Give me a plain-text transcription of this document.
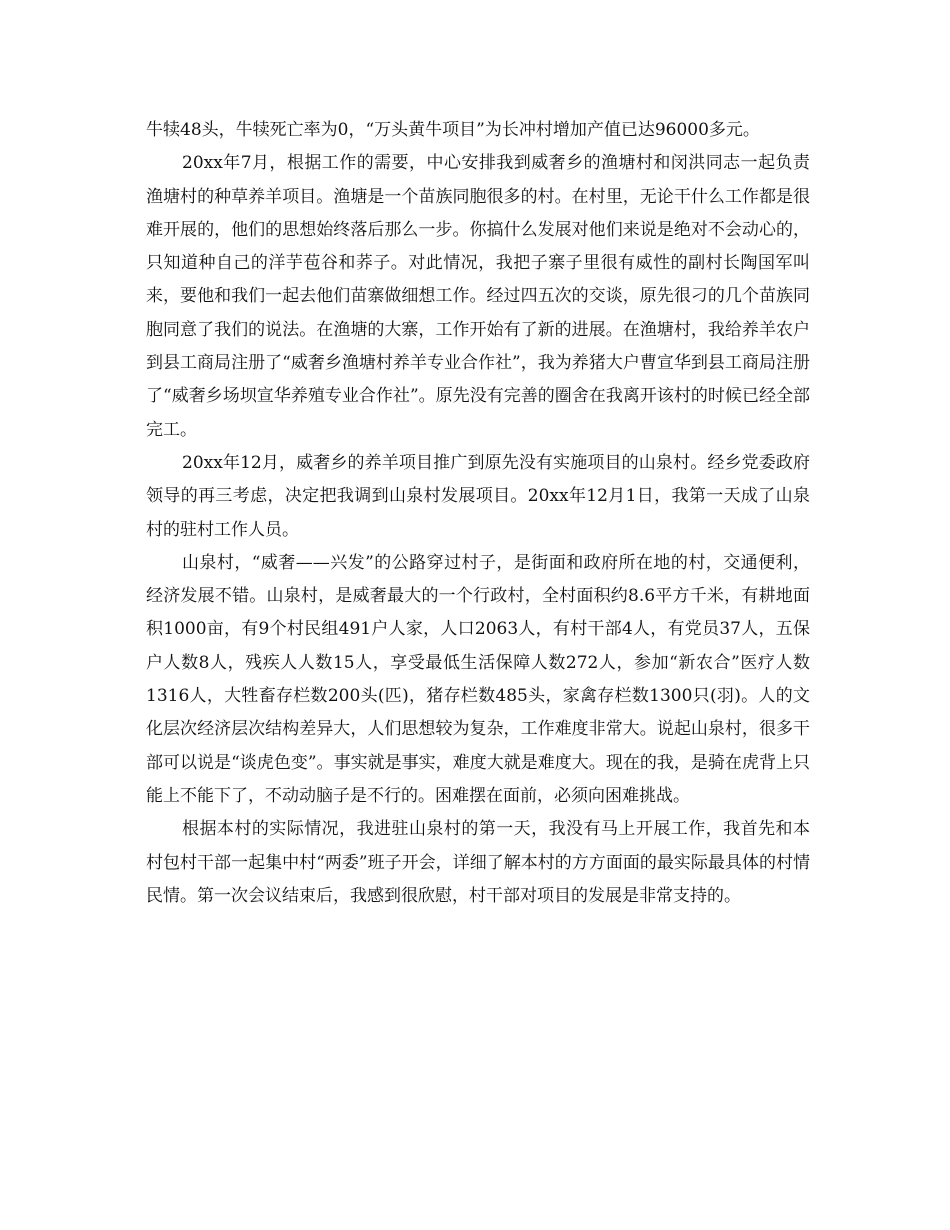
牛犊48头，牛犊死亡率为0，“万头黄牛项目”为长冲村增加产值已达96000多元。

20xx年7月，根据工作的需要，中心安排我到威奢乡的渔塘村和闵洪同志一起负责渔塘村的种草养羊项目。渔塘是一个苗族同胞很多的村。在村里，无论干什么工作都是很难开展的，他们的思想始终落后那么一步。你搞什么发展对他们来说是绝对不会动心的，只知道种自己的洋芋苞谷和荞子。对此情况，我把子寨子里很有威性的副村长陶国军叫来，要他和我们一起去他们苗寨做细想工作。经过四五次的交谈，原先很刁的几个苗族同胞同意了我们的说法。在渔塘的大寨，工作开始有了新的进展。在渔塘村，我给养羊农户到县工商局注册了“威奢乡渔塘村养羊专业合作社”，我为养猪大户曹宣华到县工商局注册了“威奢乡场坝宣华养殖专业合作社”。原先没有完善的圈舍在我离开该村的时候已经全部完工。

20xx年12月，威奢乡的养羊项目推广到原先没有实施项目的山泉村。经乡党委政府领导的再三考虑，决定把我调到山泉村发展项目。20xx年12月1日，我第一天成了山泉村的驻村工作人员。

山泉村，“威奢——兴发”的公路穿过村子，是街面和政府所在地的村，交通便利，经济发展不错。山泉村，是威奢最大的一个行政村，全村面积约8.6平方千米，有耕地面积1000亩，有9个村民组491户人家，人口2063人，有村干部4人，有党员37人，五保户人数8人，残疾人人数15人，享受最低生活保障人数272人，参加“新农合”医疗人数1316人，大牲畜存栏数200头(匹)，猪存栏数485头，家禽存栏数1300只(羽)。人的文化层次经济层次结构差异大，人们思想较为复杂，工作难度非常大。说起山泉村，很多干部可以说是“谈虎色变”。事实就是事实，难度大就是难度大。现在的我，是骑在虎背上只能上不能下了，不动动脑子是不行的。困难摆在面前，必须向困难挑战。

根据本村的实际情况，我进驻山泉村的第一天，我没有马上开展工作，我首先和本村包村干部一起集中村“两委”班子开会，详细了解本村的方方面面的最实际最具体的村情民情。第一次会议结束后，我感到很欣慰，村干部对项目的发展是非常支持的。
